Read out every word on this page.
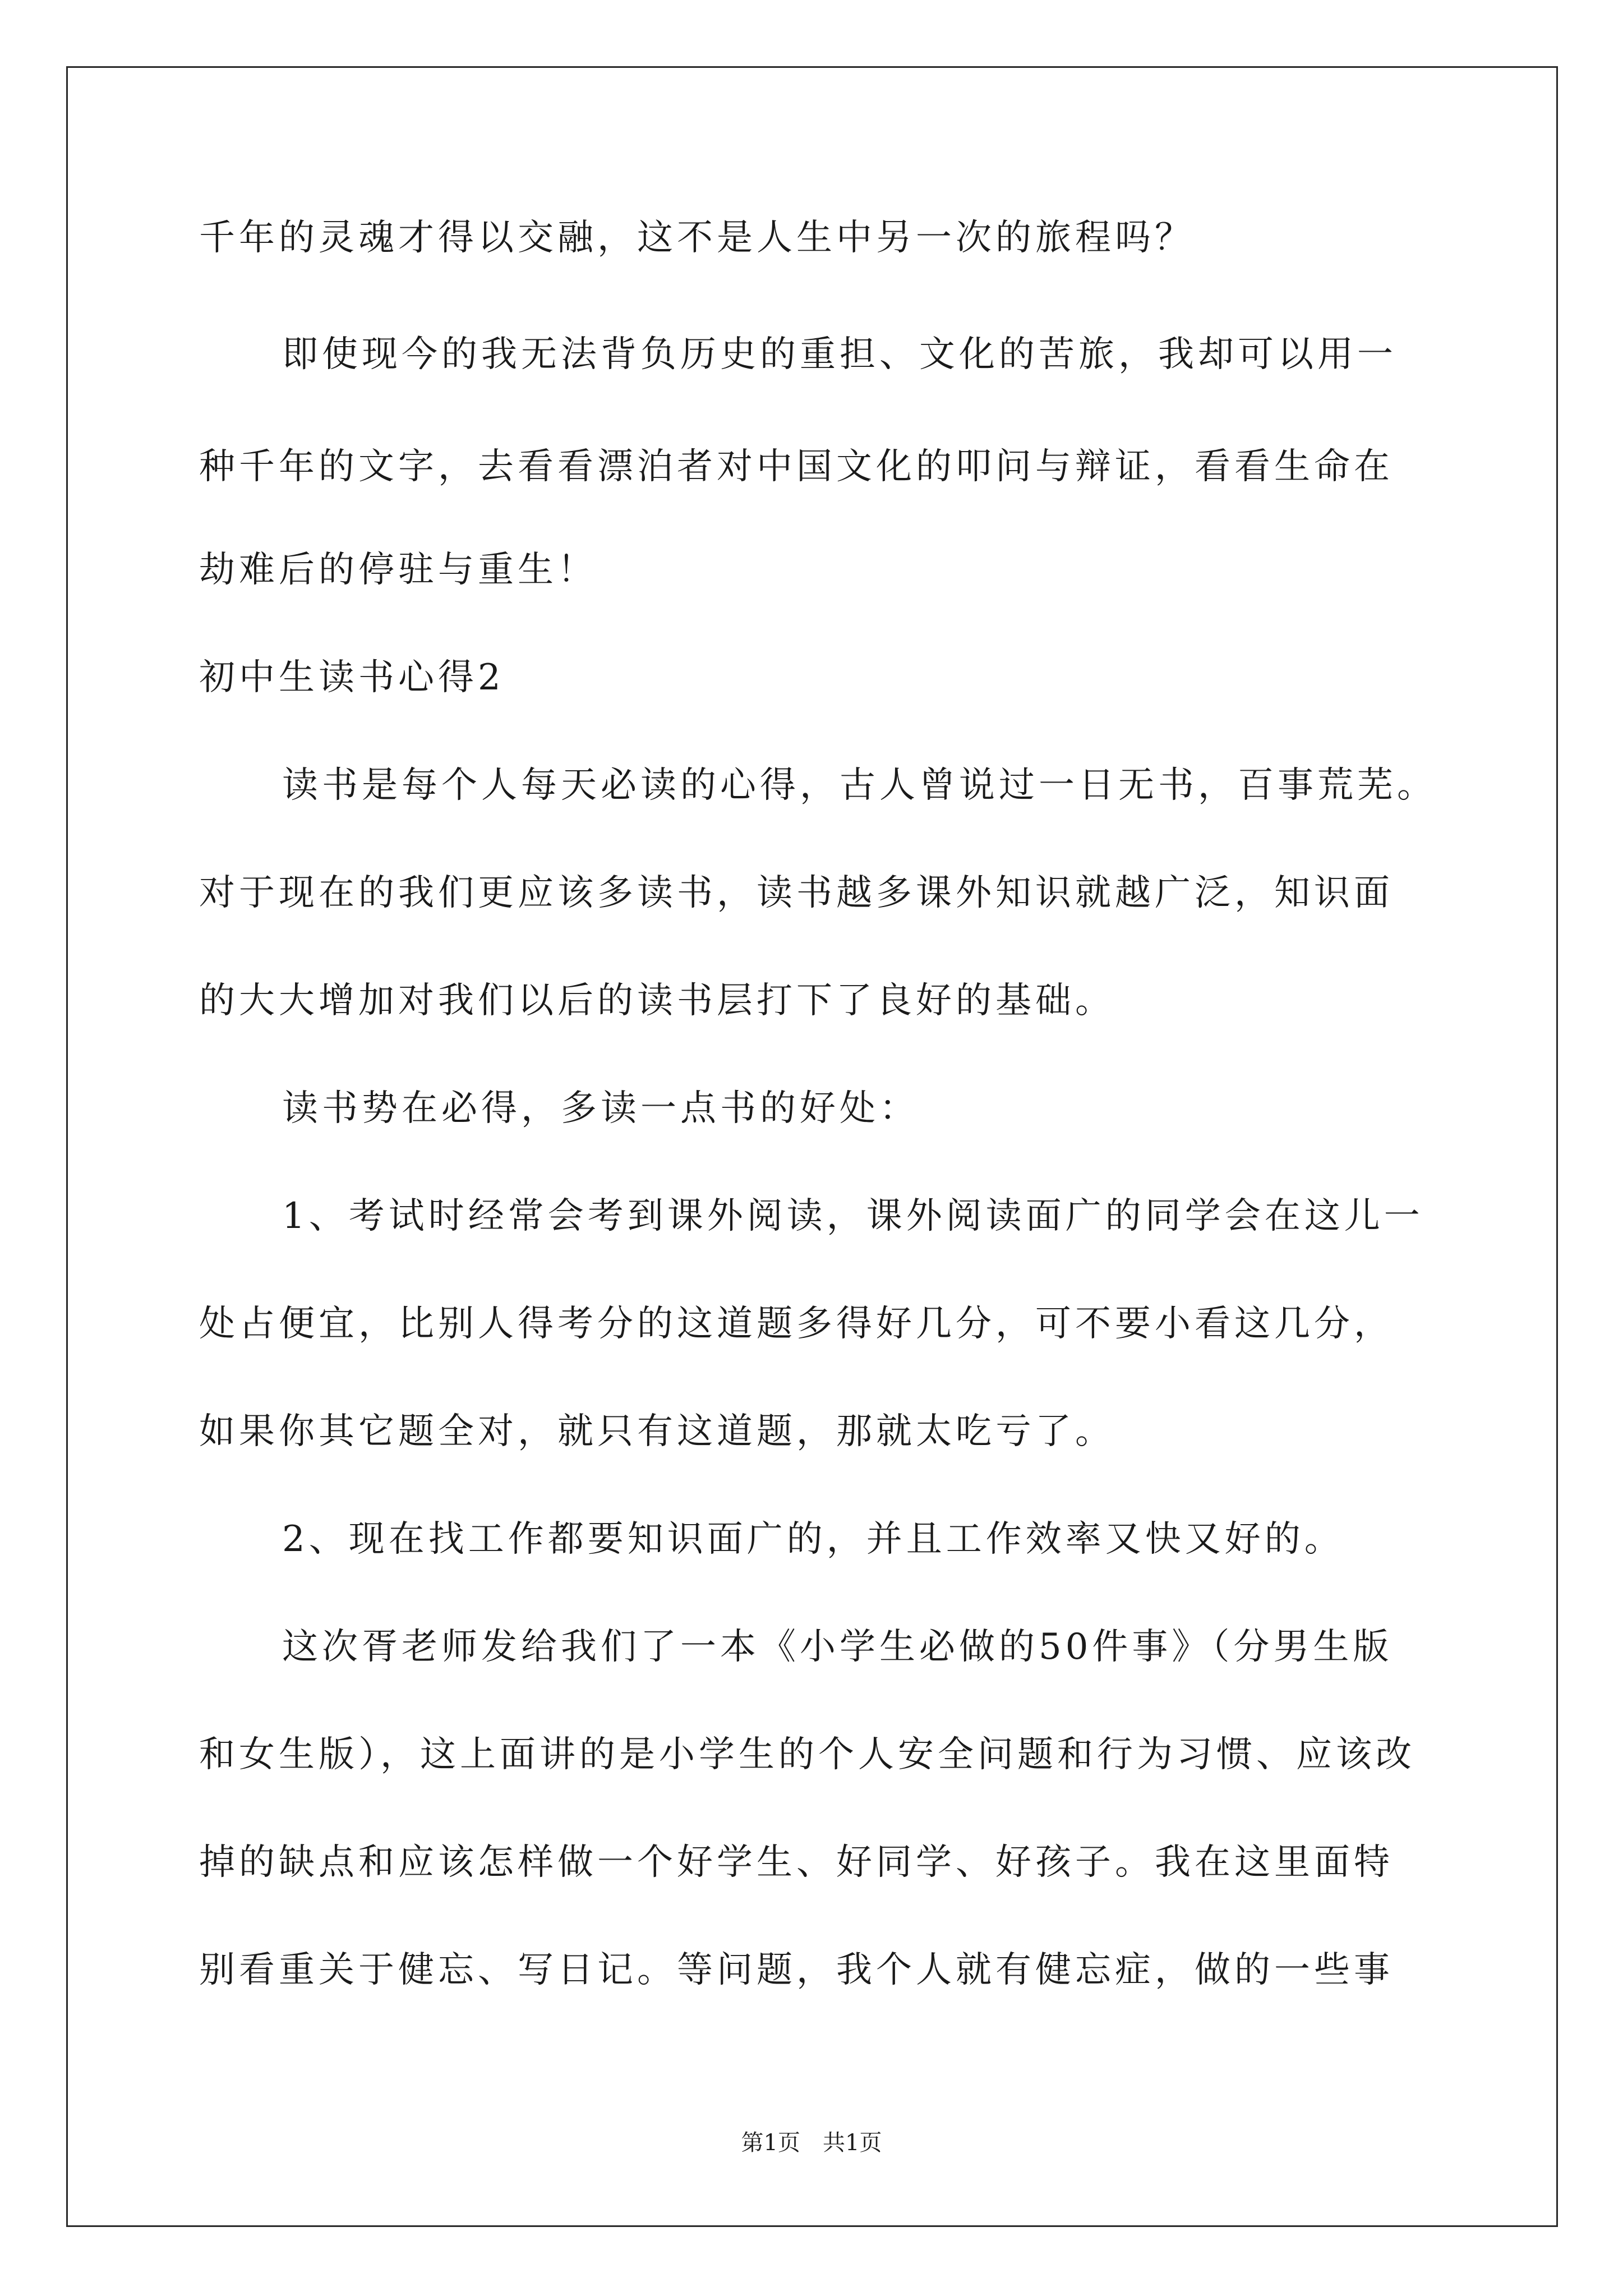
千年的灵魂才得以交融，这不是人生中另一次的旅程吗？
即使现今的我无法背负历史的重担、文化的苦旅，我却可以用一
种千年的文字，去看看漂泊者对中国文化的叩问与辩证，看看生命在
劫难后的停驻与重生！
初中生读书心得2
读书是每个人每天必读的心得，古人曾说过一日无书，百事荒芜。
对于现在的我们更应该多读书，读书越多课外知识就越广泛，知识面
的大大增加对我们以后的读书层打下了良好的基础。
读书势在必得，多读一点书的好处：
1、考试时经常会考到课外阅读，课外阅读面广的同学会在这儿一
处占便宜，比别人得考分的这道题多得好几分，可不要小看这几分，
如果你其它题全对，就只有这道题，那就太吃亏了。
2、现在找工作都要知识面广的，并且工作效率又快又好的。
这次胥老师发给我们了一本《小学生必做的50件事》（分男生版
和女生版），这上面讲的是小学生的个人安全问题和行为习惯、应该改
掉的缺点和应该怎样做一个好学生、好同学、好孩子。我在这里面特
别看重关于健忘、写日记。等问题，我个人就有健忘症，做的一些事
第1页　共1页
